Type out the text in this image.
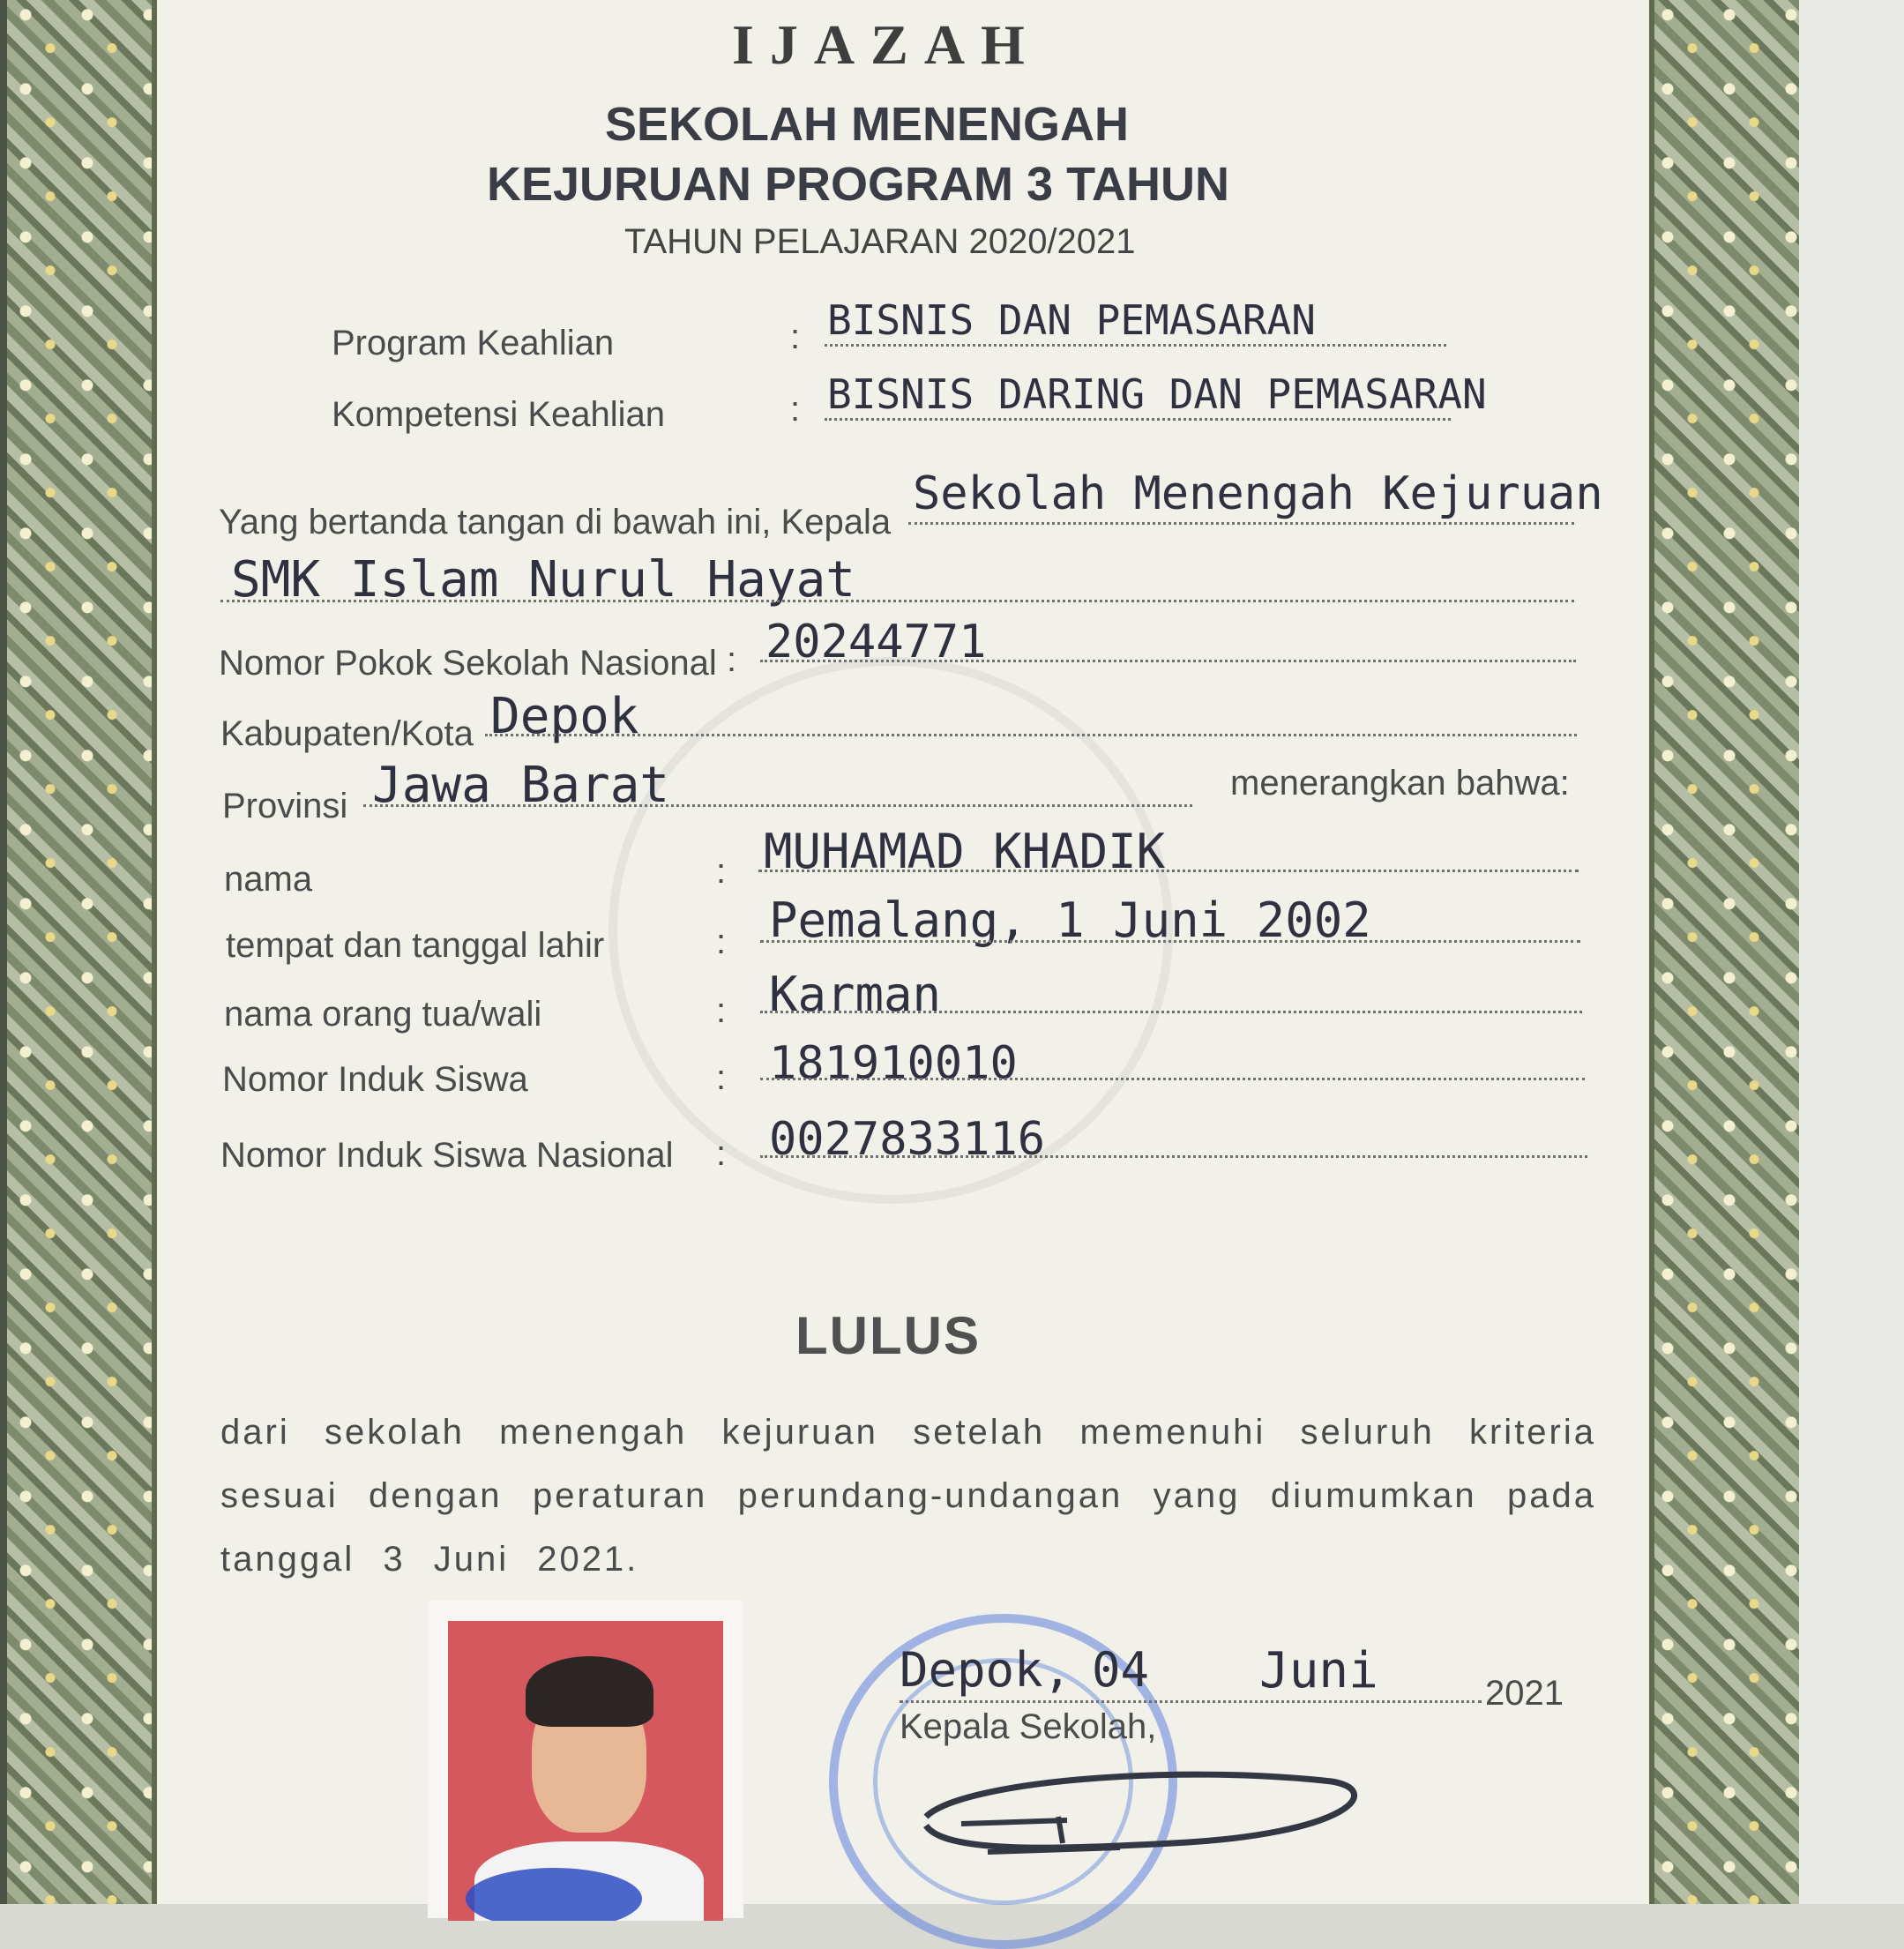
IJAZAH
SEKOLAH MENENGAH
KEJURUAN PROGRAM 3 TAHUN
TAHUN PELAJARAN 2020/2021
Program Keahlian	: BISNIS DAN PEMASARAN
Kompetensi Keahlian	: BISNIS DARING DAN PEMASARAN
Yang bertanda tangan di bawah ini, Kepala
Sekolah Menengah Kejuruan
SMK Islam Nurul Hayat
Nomor Pokok Sekolah Nasional : 20244771
Kabupaten/Kota Depok
Provinsi Jawa Barat	menerangkan bahwa:
nama	: MUHAMAD KHADIK
tempat dan tanggal lahir	: Pemalang, 1 Juni 2002
nama orang tua/wali	: Karman
Nomor Induk Siswa	: 181910010
Nomor Induk Siswa Nasional : 0027833116
LULUS
dari sekolah menengah kejuruan setelah memenuhi seluruh kriteria sesuai dengan peraturan perundang-undangan yang diumumkan pada tanggal 3 Juni 2021.
Depok, 04 Juni	2021
Kepala Sekolah,
